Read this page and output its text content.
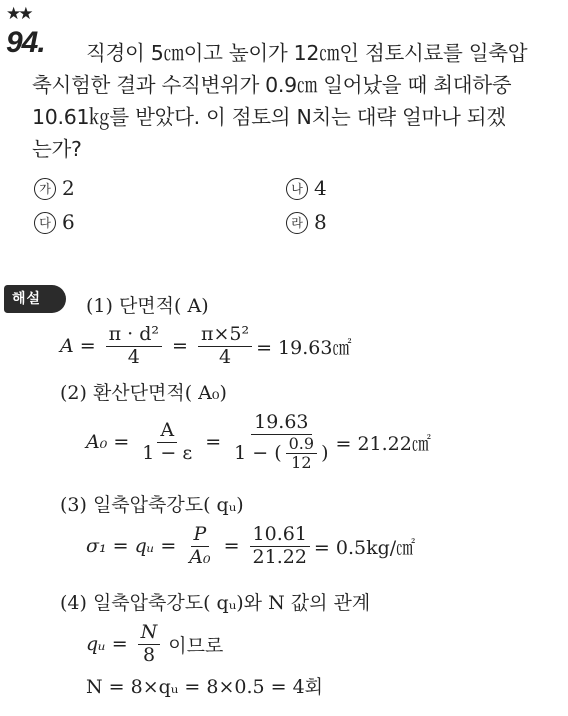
★★
94. 직경이 5㎝이고 높이가 12㎝인 점토시료를 일축압
축시험한 결과 수직변위가 0.9㎝ 일어났을 때 최대하중
10.61㎏를 받았다. 이 점토의 N치는 대략 얼마나 되겠
는가?
가 2	나 4
다 6	라 8
해설	(1) 단면적( A)
$A = \frac{\text{π · d²}}{4} = \frac{\text{π×5²}}{4}$ = 19.63㎠
(2) 환산단면적( A₀)
$A_0 = \frac{A}{1 - \varepsilon} = \frac{19.63}{1 - ( \frac{0.9}{12} )}$ = 21.22㎠
(3) 일축압축강도( qᵤ)
σ₁ = qᵤ = $\frac{P}{\text{A₀}} = \frac{10.61}{21.22}$ = 0.5kg/㎠
(4) 일축압축강도( qᵤ)와 N 값의 관계
qᵤ = $\frac{N}{8}$ 이므로
N = 8×qᵤ = 8×0.5 = 4회
